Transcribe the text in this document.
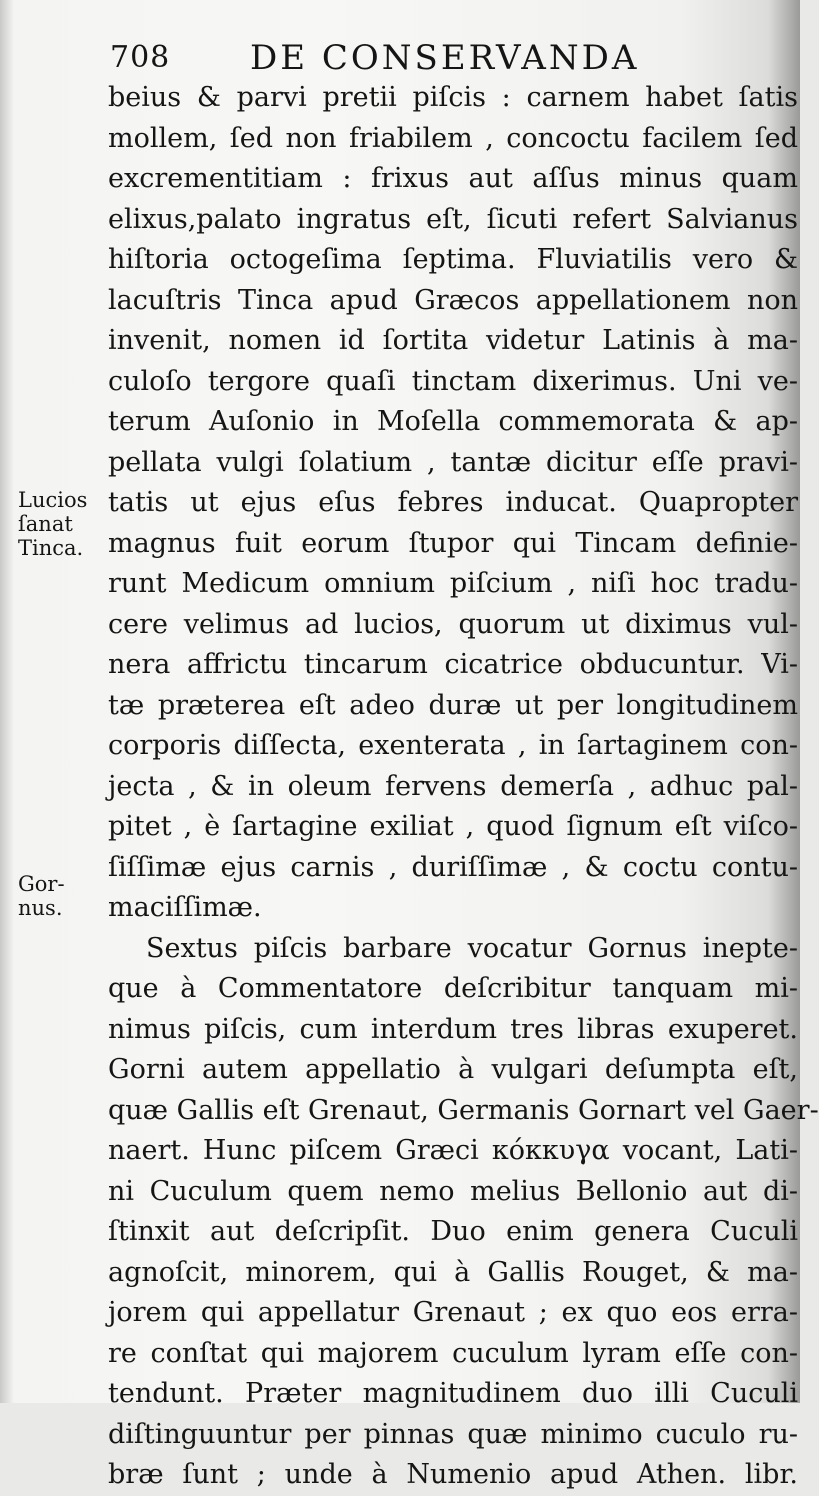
708 DE CONSERVANDA
Lucios
ſanat
Tinca.
Gor-
nus.
beius & parvi pretii piſcis : carnem habet ſatis
mollem, ſed non friabilem , concoctu facilem ſed
excrementitiam : frixus aut aſſus minus quam
elixus,palato ingratus eſt, ſicuti refert Salvianus
hiſtoria octogeſima ſeptima. Fluviatilis vero &
lacuſtris Tinca apud Græcos appellationem non
invenit, nomen id ſortita videtur Latinis à ma-
culoſo tergore quaſi tinctam dixerimus. Uni ve-
terum Auſonio in Moſella commemorata & ap-
pellata vulgi ſolatium , tantæ dicitur eſſe pravi-
tatis ut ejus eſus febres inducat. Quapropter
magnus fuit eorum ſtupor qui Tincam definie-
runt Medicum omnium piſcium , niſi hoc tradu-
cere velimus ad lucios, quorum ut diximus vul-
nera affrictu tincarum cicatrice obducuntur. Vi-
tæ præterea eſt adeo duræ ut per longitudinem
corporis diſſecta, exenterata , in ſartaginem con-
jecta , & in oleum fervens demerſa , adhuc pal-
pitet , è ſartagine exiliat , quod ſignum eſt viſco-
ſiſſimæ ejus carnis , duriſſimæ , & coctu contu-
maciſſimæ.
Sextus piſcis barbare vocatur Gornus inepte-
que à Commentatore deſcribitur tanquam mi-
nimus piſcis, cum interdum tres libras exuperet.
Gorni autem appellatio à vulgari deſumpta eſt,
quæ Gallis eſt Grenaut, Germanis Gornart vel Gaer-
naert. Hunc piſcem Græci κόκκυγα vocant, Lati-
ni Cuculum quem nemo melius Bellonio aut di-
ſtinxit aut deſcripſit. Duo enim genera Cuculi
agnoſcit, minorem, qui à Gallis Rouget, & ma-
jorem qui appellatur Grenaut ; ex quo eos erra-
re conſtat qui majorem cuculum lyram eſſe con-
tendunt. Præter magnitudinem duo illi Cuculi
diſtinguuntur per pinnas quæ minimo cuculo ru-
bræ ſunt ; unde à Numenio apud Athen. libr.
